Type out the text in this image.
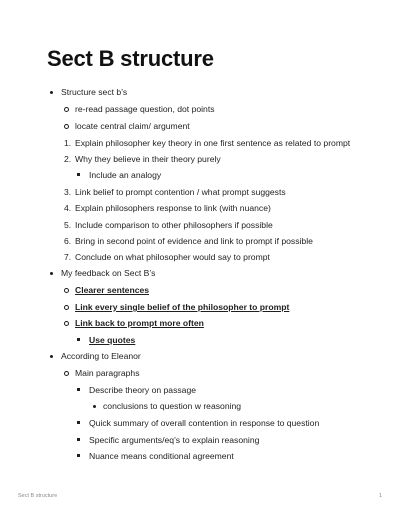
Sect B structure
Structure sect b’s
re-read passage question, dot points
locate central claim/ argument
1. Explain philosopher key theory in one first sentence as related to prompt
2. Why they believe in their theory purely
Include an analogy
3. Link belief to prompt contention / what prompt suggests
4. Explain philosophers response to link (with nuance)
5. Include comparison to other philosophers if possible
6. Bring in second point of evidence and link to prompt if possible
7. Conclude on what philosopher would say to prompt
My feedback on Sect B’s
Clearer sentences
Link every single belief of the philosopher to prompt
Link back to prompt more often
Use quotes
According to Eleanor
Main paragraphs
Describe theory on passage
conclusions to question w reasoning
Quick summary of overall contention in response to question
Specific arguments/eq’s to explain reasoning
Nuance means conditional agreement
Sect B structure	1
